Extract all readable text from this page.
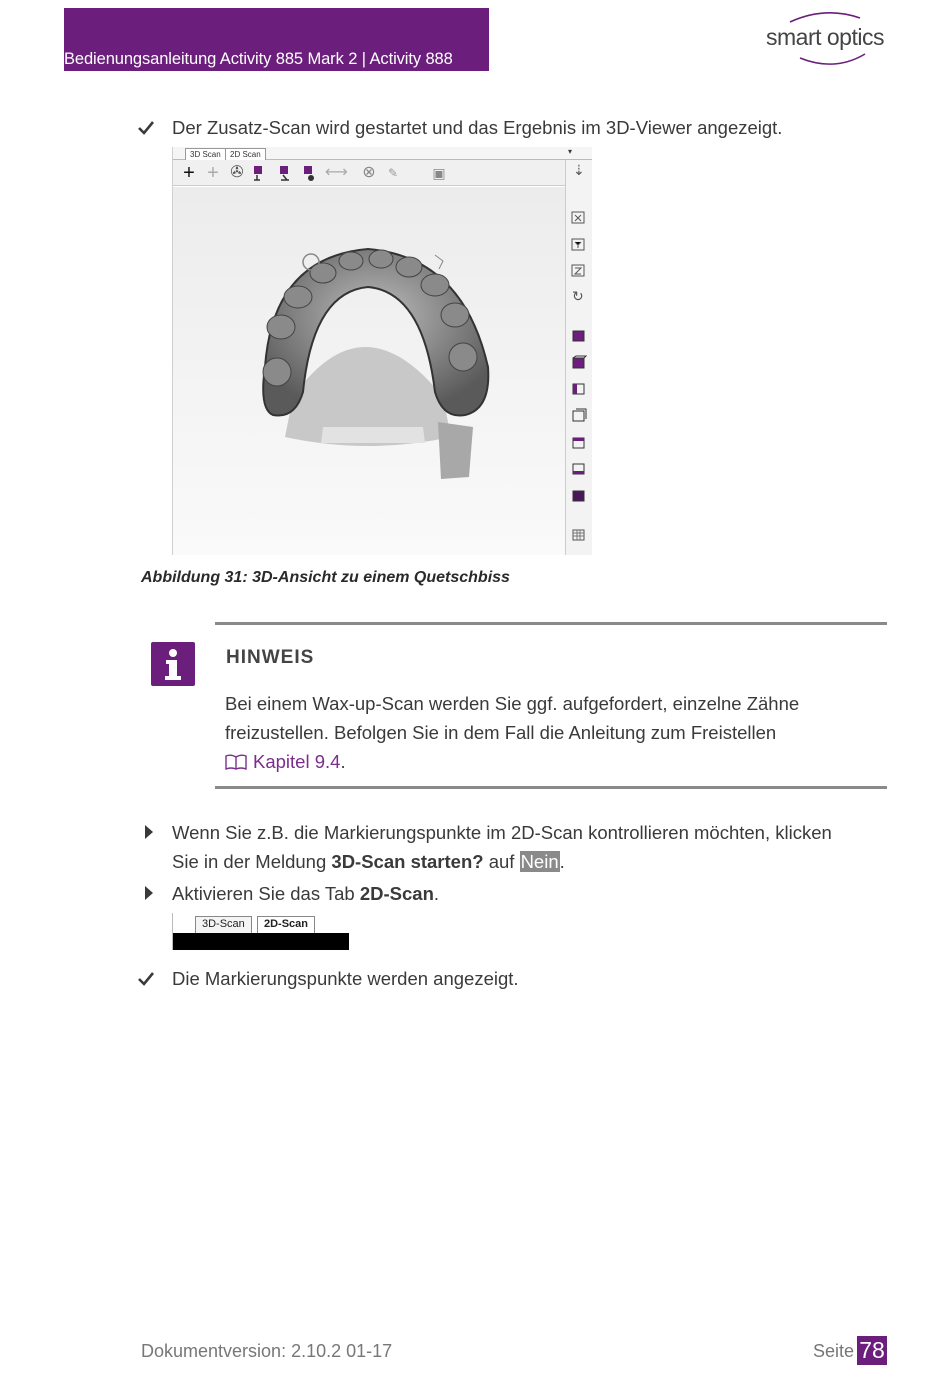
Bedienungsanleitung Activity 885 Mark 2 | Activity 888
smart optics
Der Zusatz-Scan wird gestartet und das Ergebnis im 3D-Viewer angezeigt.
3D Scan	2D Scan	▾
+ + ✇	⟷ ⊗ ✎ ▣	⇣
↻
Abbildung 31: 3D-Ansicht zu einem Quetschbiss
HINWEIS
Bei einem Wax-up-Scan werden Sie ggf. aufgefordert, einzelne Zähne
freizustellen. Befolgen Sie in dem Fall die Anleitung zum Freistellen
Kapitel 9.4.
Wenn Sie z.B. die Markierungspunkte im 2D-Scan kontrollieren möchten, klicken
Sie in der Meldung 3D-Scan starten? auf Nein.
Aktivieren Sie das Tab 2D-Scan.
3D-Scan	2D-Scan
Die Markierungspunkte werden angezeigt.
Dokumentversion: 2.10.2 01-17	Seite 78
